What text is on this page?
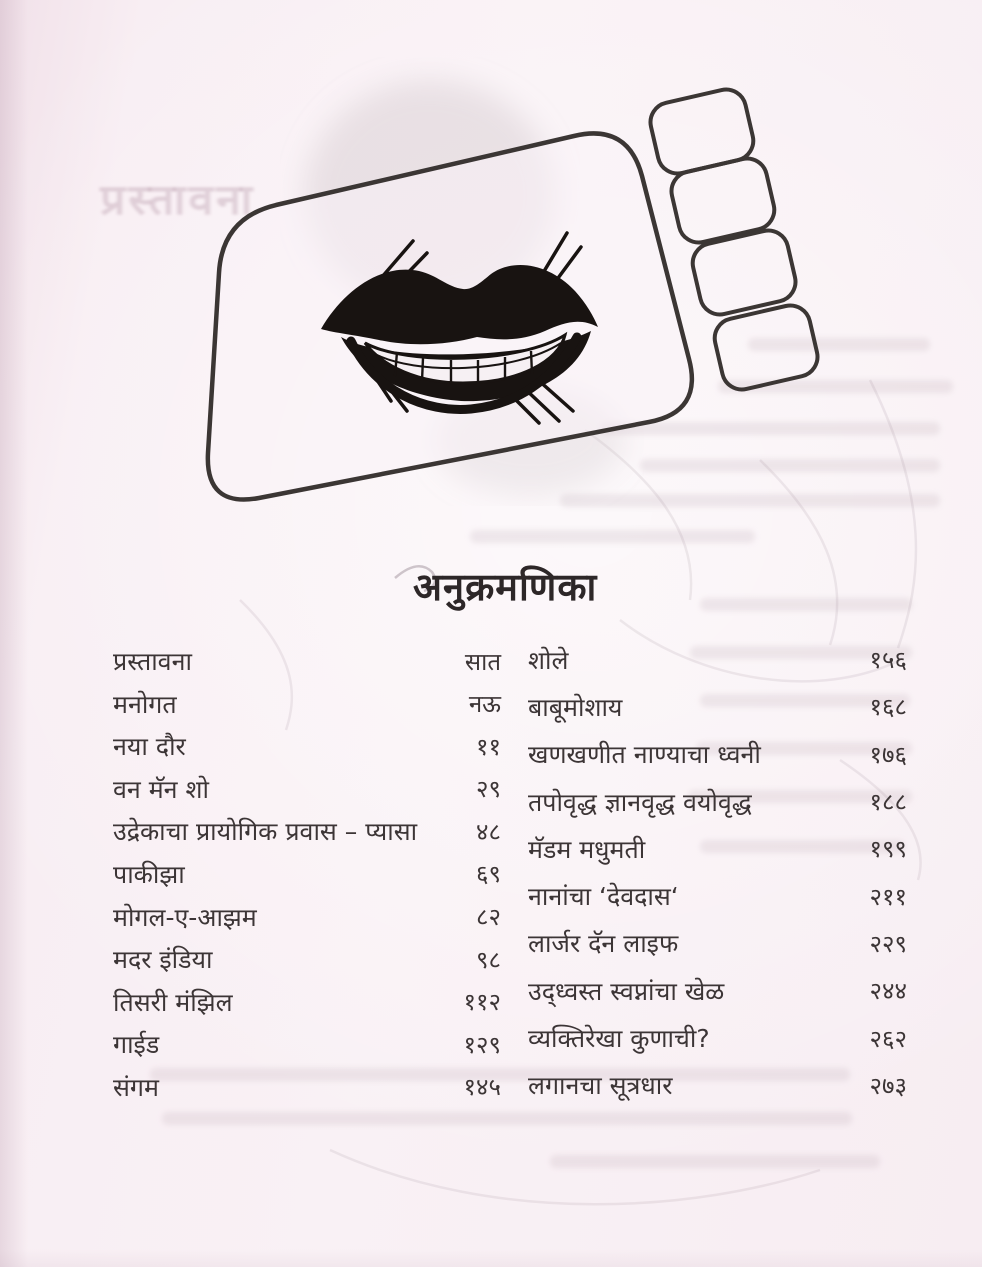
प्रस्तावना
अनुक्रमणिका
प्रस्तावना	सात
मनोगत	नऊ
नया दौर	११
वन मॅन शो	२९
उद्रेकाचा प्रायोगिक प्रवास – प्यासा ४८
पाकीझा	६९
मोगल-ए-आझम	८२
मदर इंडिया	९८
तिसरी मंझिल	११२
गाईड	१२९
संगम	१४५
शोले	१५६
बाबूमोशाय	१६८
खणखणीत नाण्याचा ध्वनी	१७६
तपोवृद्ध ज्ञानवृद्ध वयोवृद्ध	१८८
मॅडम मधुमती	१९९
नानांचा ‘देवदास‘	२११
लार्जर दॅन लाइफ	२२९
उद्ध्वस्त स्वप्नांचा खेळ	२४४
व्यक्तिरेखा कुणाची?	२६२
लगानचा सूत्रधार	२७३
